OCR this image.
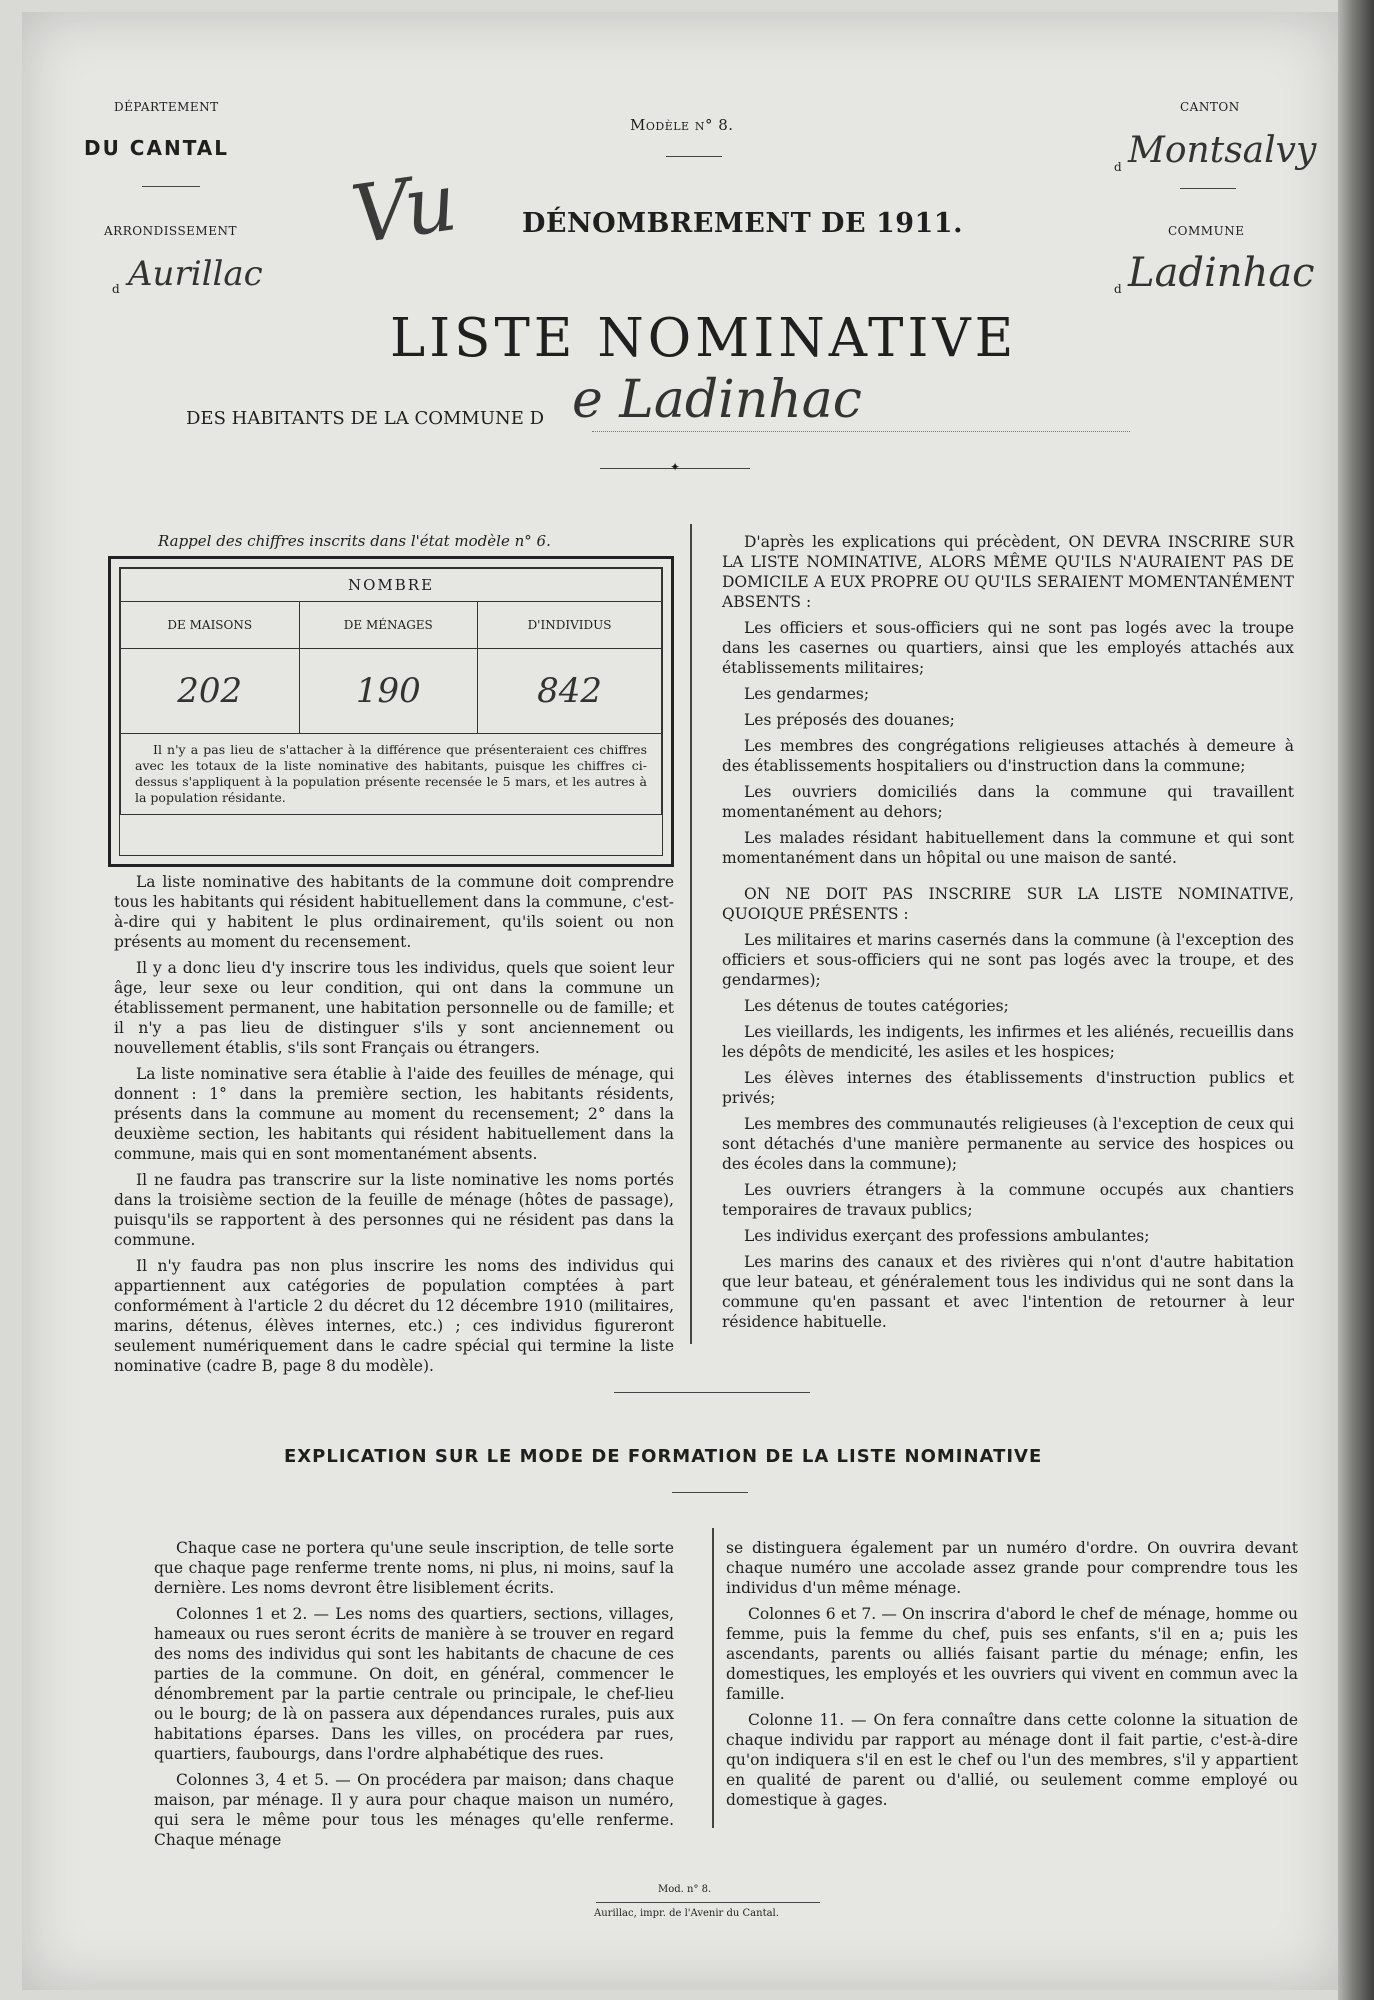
DÉPARTEMENT
DU CANTAL
ARRONDISSEMENT
d Aurillac
Modèle n° 8.
Vu DÉNOMBREMENT DE 1911.
LISTE NOMINATIVE
DES HABITANTS DE LA COMMUNE D e Ladinhac
✦
CANTON
d Montsalvy
COMMUNE
d Ladinhac
Rappel des chiffres inscrits dans l'état modèle n° 6.
NOMBRE		
DE MAISONS	DE MÉNAGES	D'INDIVIDUS
202	190	842
Il n'y a pas lieu de s'attacher à la différence que présenteraient ces chiffres avec les totaux de la liste nominative des habitants, puisque les chiffres ci-dessus s'appliquent à la population présente recensée le 5 mars, et les autres à la population résidante.		

La liste nominative des habitants de la commune doit comprendre tous les habitants qui résident habituellement dans la commune, c'est-à-dire qui y habitent le plus ordinairement, qu'ils soient ou non présents au moment du recensement.

Il y a donc lieu d'y inscrire tous les individus, quels que soient leur âge, leur sexe ou leur condition, qui ont dans la commune un établissement permanent, une habitation personnelle ou de famille; et il n'y a pas lieu de distinguer s'ils y sont anciennement ou nouvellement établis, s'ils sont Français ou étrangers.

La liste nominative sera établie à l'aide des feuilles de ménage, qui donnent : 1° dans la première section, les habitants résidents, présents dans la commune au moment du recensement; 2° dans la deuxième section, les habitants qui résident habituellement dans la commune, mais qui en sont momentanément absents.

Il ne faudra pas transcrire sur la liste nominative les noms portés dans la troisième section de la feuille de ménage (hôtes de passage), puisqu'ils se rapportent à des personnes qui ne résident pas dans la commune.

Il n'y faudra pas non plus inscrire les noms des individus qui appartiennent aux catégories de population comptées à part conformément à l'article 2 du décret du 12 décembre 1910 (militaires, marins, détenus, élèves internes, etc.) ; ces individus figureront seulement numériquement dans le cadre spécial qui termine la liste nominative (cadre B, page 8 du modèle).

D'après les explications qui précèdent, ON DEVRA INSCRIRE SUR LA LISTE NOMINATIVE, ALORS MÊME QU'ILS N'AURAIENT PAS DE DOMICILE A EUX PROPRE OU QU'ILS SERAIENT MOMENTANÉMENT ABSENTS :

Les officiers et sous-officiers qui ne sont pas logés avec la troupe dans les casernes ou quartiers, ainsi que les employés attachés aux établissements militaires;

Les gendarmes;

Les préposés des douanes;

Les membres des congrégations religieuses attachés à demeure à des établissements hospitaliers ou d'instruction dans la commune;

Les ouvriers domiciliés dans la commune qui travaillent momentanément au dehors;

Les malades résidant habituellement dans la commune et qui sont momentanément dans un hôpital ou une maison de santé.

ON NE DOIT PAS INSCRIRE SUR LA LISTE NOMINATIVE, QUOIQUE PRÉSENTS :

Les militaires et marins casernés dans la commune (à l'exception des officiers et sous-officiers qui ne sont pas logés avec la troupe, et des gendarmes);

Les détenus de toutes catégories;

Les vieillards, les indigents, les infirmes et les aliénés, recueillis dans les dépôts de mendicité, les asiles et les hospices;

Les élèves internes des établissements d'instruction publics et privés;

Les membres des communautés religieuses (à l'exception de ceux qui sont détachés d'une manière permanente au service des hospices ou des écoles dans la commune);

Les ouvriers étrangers à la commune occupés aux chantiers temporaires de travaux publics;

Les individus exerçant des professions ambulantes;

Les marins des canaux et des rivières qui n'ont d'autre habitation que leur bateau, et généralement tous les individus qui ne sont dans la commune qu'en passant et avec l'intention de retourner à leur résidence habituelle.

EXPLICATION SUR LE MODE DE FORMATION DE LA LISTE NOMINATIVE

Chaque case ne portera qu'une seule inscription, de telle sorte que chaque page renferme trente noms, ni plus, ni moins, sauf la dernière. Les noms devront être lisiblement écrits.

Colonnes 1 et 2. — Les noms des quartiers, sections, villages, hameaux ou rues seront écrits de manière à se trouver en regard des noms des individus qui sont les habitants de chacune de ces parties de la commune. On doit, en général, commencer le dénombrement par la partie centrale ou principale, le chef-lieu ou le bourg; de là on passera aux dépendances rurales, puis aux habitations éparses. Dans les villes, on procédera par rues, quartiers, faubourgs, dans l'ordre alphabétique des rues.

Colonnes 3, 4 et 5. — On procédera par maison; dans chaque maison, par ménage. Il y aura pour chaque maison un numéro, qui sera le même pour tous les ménages qu'elle renferme. Chaque ménage

se distinguera également par un numéro d'ordre. On ouvrira devant chaque numéro une accolade assez grande pour comprendre tous les individus d'un même ménage.

Colonnes 6 et 7. — On inscrira d'abord le chef de ménage, homme ou femme, puis la femme du chef, puis ses enfants, s'il en a; puis les ascendants, parents ou alliés faisant partie du ménage; enfin, les domestiques, les employés et les ouvriers qui vivent en commun avec la famille.

Colonne 11. — On fera connaître dans cette colonne la situation de chaque individu par rapport au ménage dont il fait partie, c'est-à-dire qu'on indiquera s'il en est le chef ou l'un des membres, s'il y appartient en qualité de parent ou d'allié, ou seulement comme employé ou domestique à gages.

Mod. n° 8.
Aurillac, impr. de l'Avenir du Cantal.
